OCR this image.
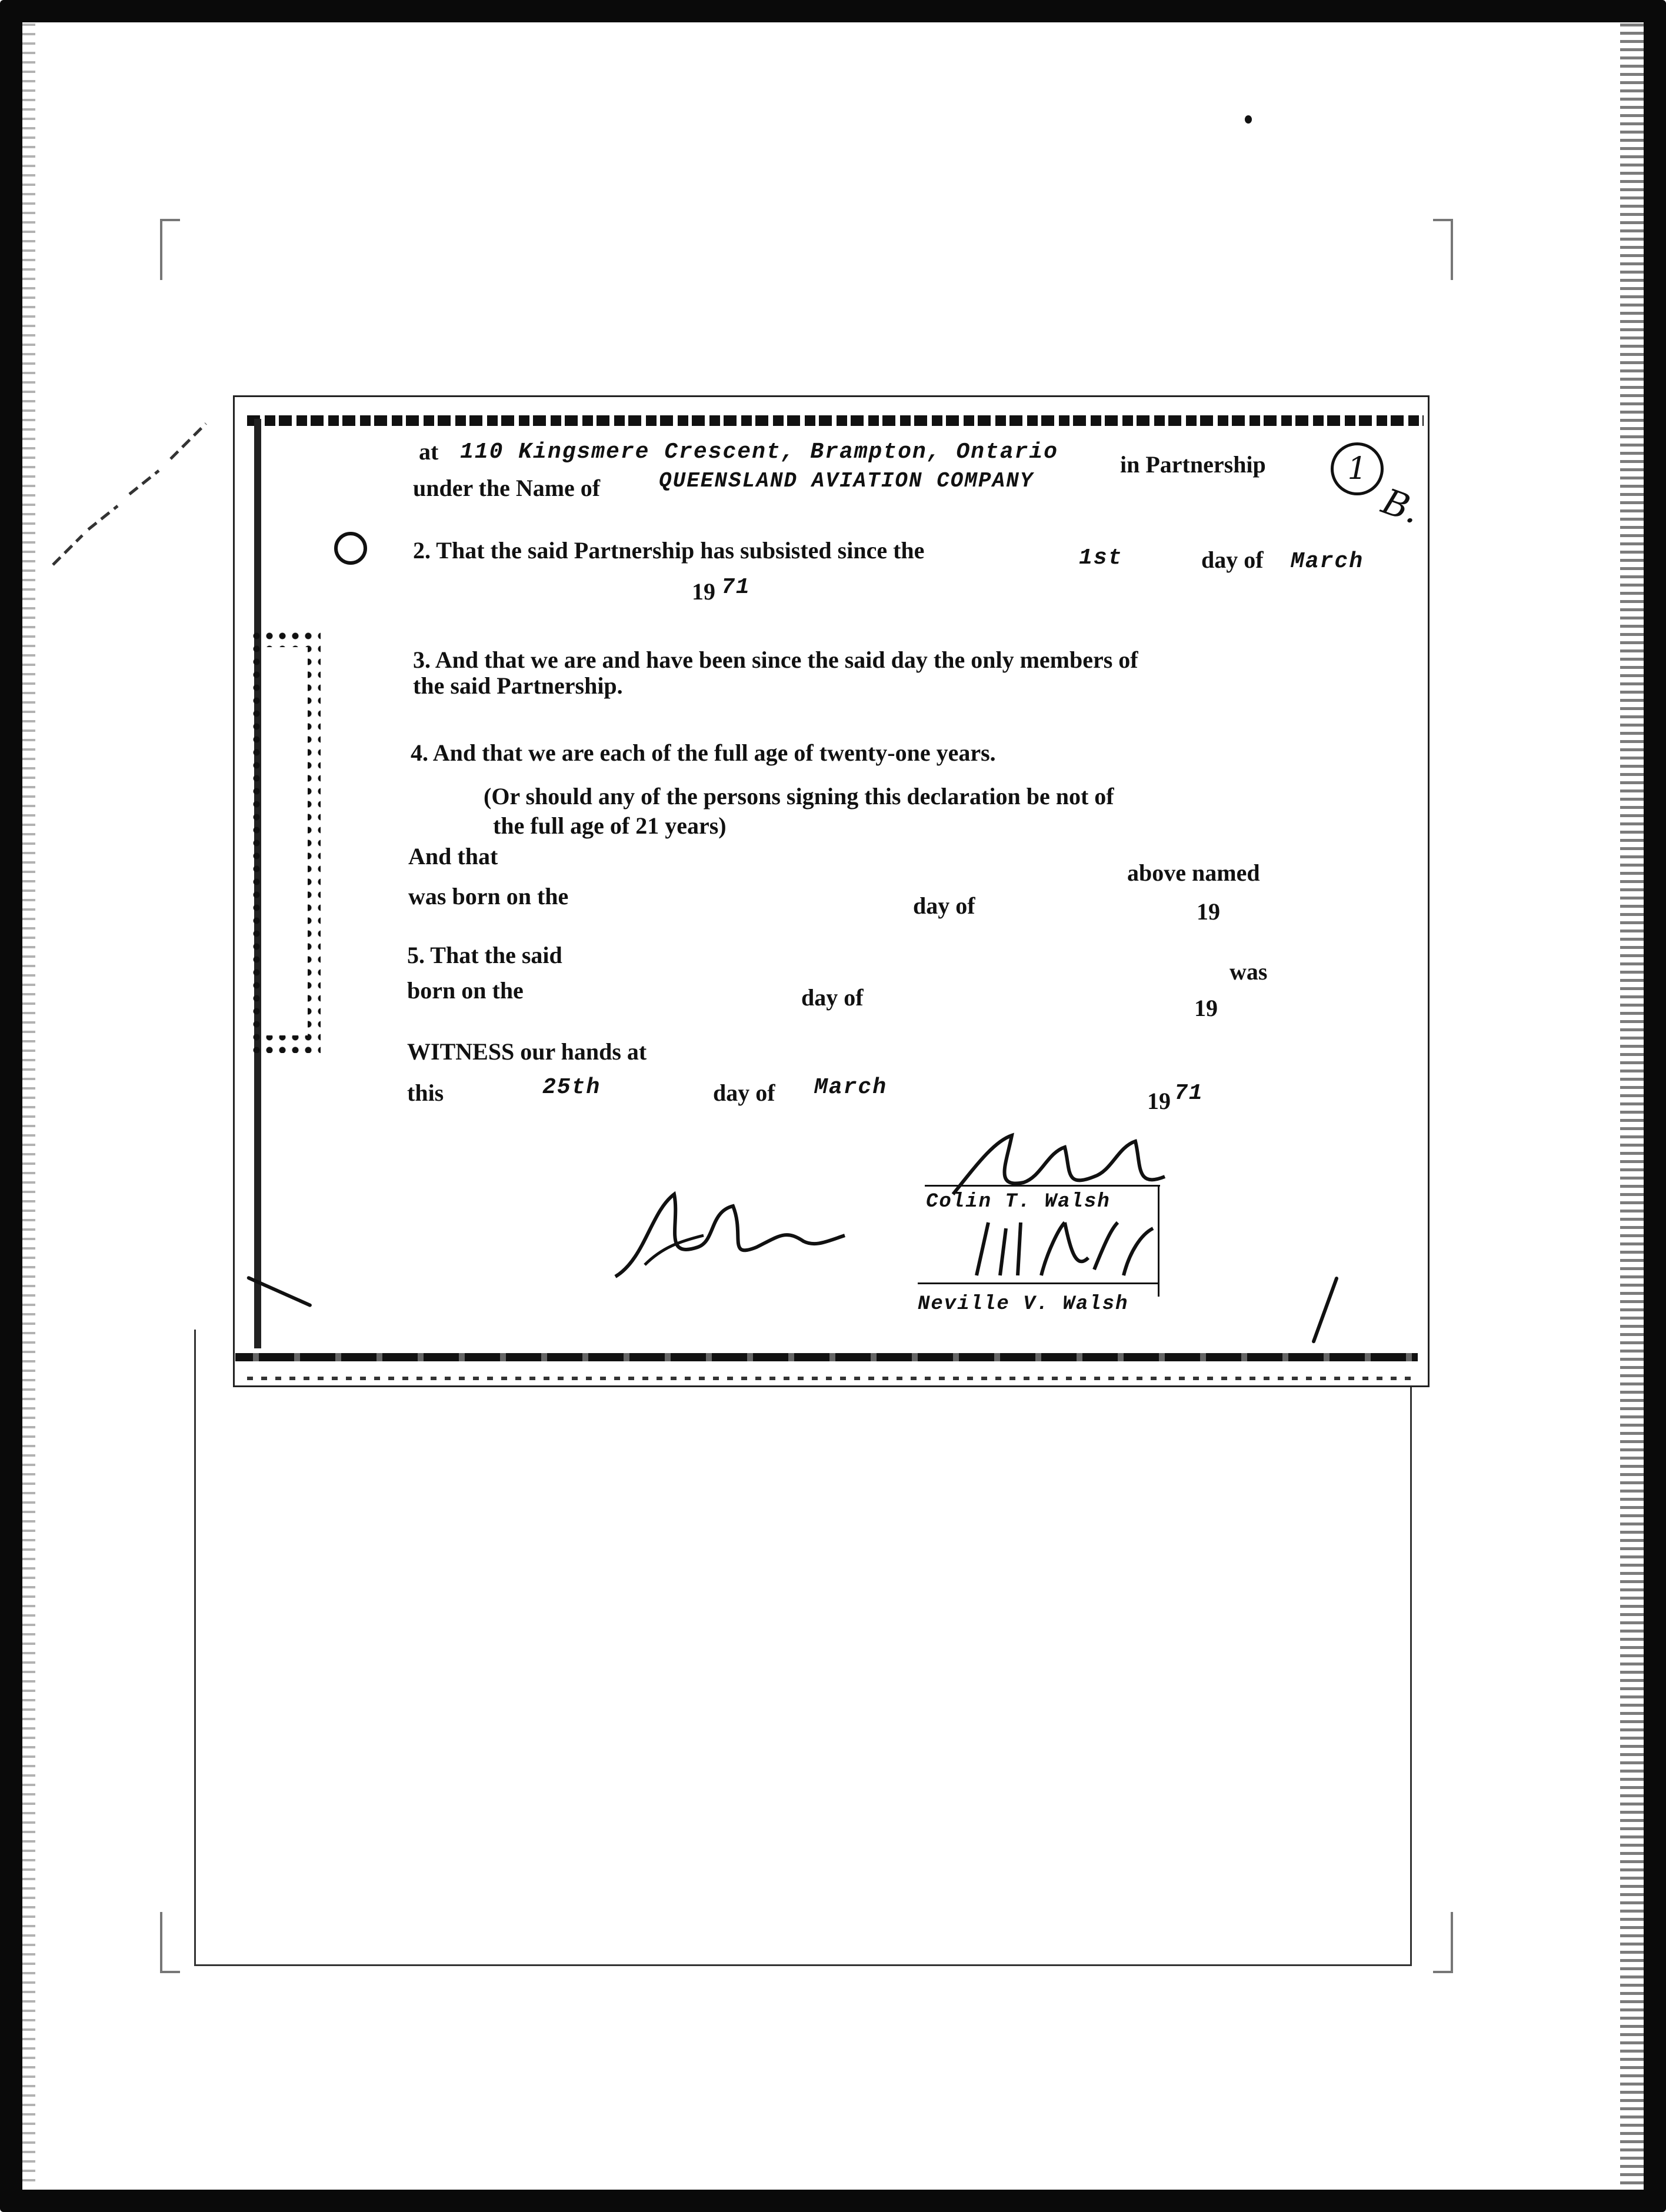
1
B.
at 110 Kingsmere Crescent, Brampton, Ontario	in Partnership
under the Name of	QUEENSLAND AVIATION COMPANY
2. That the said Partnership has subsisted since the	1st	day of March
19 71
3. And that we are and have been since the said day the only members of
the said Partnership.
4. And that we are each of the full age of twenty-one years.
(Or should any of the persons signing this declaration be not of
the full age of 21 years)
And that
above named
was born on the	day of	19
5. That the said
was
born on the	day of	19
WITNESS our hands at
this	25th	day of March
19 71
Colin T. Walsh
Neville V. Walsh
